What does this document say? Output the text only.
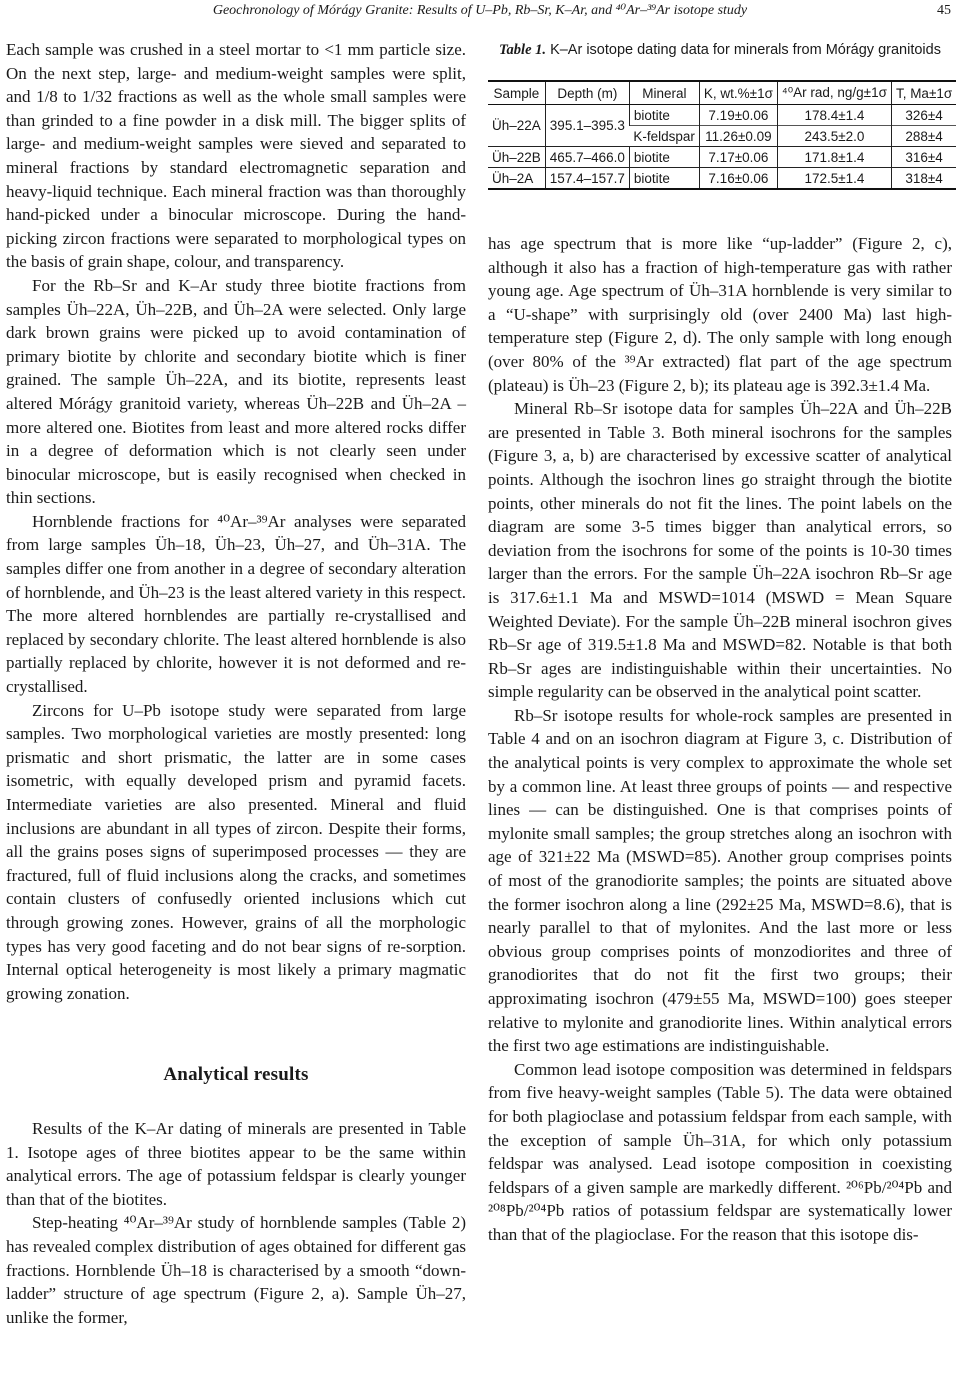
Geochronology of Mórágy Granite: Results of U–Pb, Rb–Sr, K–Ar, and ⁴⁰Ar–³⁹Ar isotope study	45

Each sample was crushed in a steel mortar to <1 mm particle size. On the next step, large- and medium-weight samples were split, and 1/8 to 1/32 fractions as well as the whole small samples were than grinded to a fine powder in a disk mill. The bigger splits of large- and medium-weight samples were sieved and separated to mineral fractions by standard electromagnetic separation and heavy-liquid technique. Each mineral fraction was than thoroughly hand-picked under a binocular microscope. During the hand-picking zircon fractions were separated to morphological types on the basis of grain shape, colour, and transparency.

For the Rb–Sr and K–Ar study three biotite fractions from samples Üh–22A, Üh–22B, and Üh–2A were selected. Only large dark brown grains were picked up to avoid contamination of primary biotite by chlorite and secondary biotite which is finer grained. The sample Üh–22A, and its biotite, represents least altered Mórágy granitoid variety, whereas Üh–22B and Üh–2A – more altered one. Biotites from least and more altered rocks differ in a degree of deformation which is not clearly seen under binocular microscope, but is easily recognised when checked in thin sections.

Hornblende fractions for ⁴⁰Ar–³⁹Ar analyses were separated from large samples Üh–18, Üh–23, Üh–27, and Üh–31A. The samples differ one from another in a degree of secondary alteration of hornblende, and Üh–23 is the least altered variety in this respect. The more altered hornblendes are partially re-crystallised and replaced by secondary chlorite. The least altered hornblende is also partially replaced by chlorite, however it is not deformed and re-crystallised.

Zircons for U–Pb isotope study were separated from large samples. Two morphological varieties are mostly presented: long prismatic and short prismatic, the latter are in some cases isometric, with equally developed prism and pyramid facets. Intermediate varieties are also presented. Mineral and fluid inclusions are abundant in all types of zircon. Despite their forms, all the grains poses signs of superimposed processes — they are fractured, full of fluid inclusions along the cracks, and sometimes contain clusters of confusedly oriented inclusions which cut through growing zones. However, grains of all the morphologic types has very good faceting and do not bear signs of re-sorption. Internal optical heterogeneity is most likely a primary magmatic growing zonation.

Analytical results

Results of the K–Ar dating of minerals are presented in Table 1. Isotope ages of three biotites appear to be the same within analytical errors. The age of potassium feldspar is clearly younger than that of the biotites.

Step-heating ⁴⁰Ar–³⁹Ar study of hornblende samples (Table 2) has revealed complex distribution of ages obtained for different gas fractions. Hornblende Üh–18 is characterised by a smooth “down-ladder” structure of age spectrum (Figure 2, a). Sample Üh–27, unlike the former,

Table 1. K–Ar isotope dating data for minerals from Mórágy granitoids
Sample	Depth (m)	Mineral	K, wt.%±1σ	⁴⁰Ar rad, ng/g±1σ	T, Ma±1σ
Üh–22A	395.1–395.3	biotite	7.19±0.06	178.4±1.4	326±4
		K-feldspar	11.26±0.09	243.5±2.0	288±4
Üh–22B	465.7–466.0	biotite	7.17±0.06	171.8±1.4	316±4
Üh–2A	157.4–157.7	biotite	7.16±0.06	172.5±1.4	318±4

has age spectrum that is more like “up-ladder” (Figure 2, c), although it also has a fraction of high-temperature gas with rather young age. Age spectrum of Üh–31A hornblende is very similar to a “U-shape” with surprisingly old (over 2400 Ma) last high-temperature step (Figure 2, d). The only sample with long enough (over 80% of the ³⁹Ar extracted) flat part of the age spectrum (plateau) is Üh–23 (Figure 2, b); its plateau age is 392.3±1.4 Ma.

Mineral Rb–Sr isotope data for samples Üh–22A and Üh–22B are presented in Table 3. Both mineral isochrons for the samples (Figure 3, a, b) are characterised by excessive scatter of analytical points. Although the isochron lines go straight through the biotite points, other minerals do not fit the lines. The point labels on the diagram are some 3-5 times bigger than analytical errors, so deviation from the isochrons for some of the points is 10-30 times larger than the errors. For the sample Üh–22A isochron Rb–Sr age is 317.6±1.1 Ma and MSWD=1014 (MSWD = Mean Square Weighted Deviate). For the sample Üh–22B mineral isochron gives Rb–Sr age of 319.5±1.8 Ma and MSWD=82. Notable is that both Rb–Sr ages are indistinguishable within their uncertainties. No simple regularity can be observed in the analytical point scatter.

Rb–Sr isotope results for whole-rock samples are presented in Table 4 and on an isochron diagram at Figure 3, c. Distribution of the analytical points is very complex to approximate the whole set by a common line. At least three groups of points — and respective lines — can be distinguished. One is that comprises points of mylonite small samples; the group stretches along an isochron with age of 321±22 Ma (MSWD=85). Another group comprises points of most of the granodiorite samples; the points are situated above the former isochron along a line (292±25 Ma, MSWD=8.6), that is nearly parallel to that of mylonites. And the last more or less obvious group comprises points of monzodiorites and three of granodiorites that do not fit the first two groups; their approximating isochron (479±55 Ma, MSWD=100) goes steeper relative to mylonite and granodiorite lines. Within analytical errors the first two age estimations are indistinguishable.

Common lead isotope composition was determined in feldspars from five heavy-weight samples (Table 5). The data were obtained for both plagioclase and potassium feldspar from each sample, with the exception of sample Üh–31A, for which only potassium feldspar was analysed. Lead isotope composition in coexisting feldspars of a given sample are markedly different. ²⁰⁶Pb/²⁰⁴Pb and ²⁰⁸Pb/²⁰⁴Pb ratios of potassium feldspar are systematically lower than that of the plagioclase. For the reason that this isotope dis-
